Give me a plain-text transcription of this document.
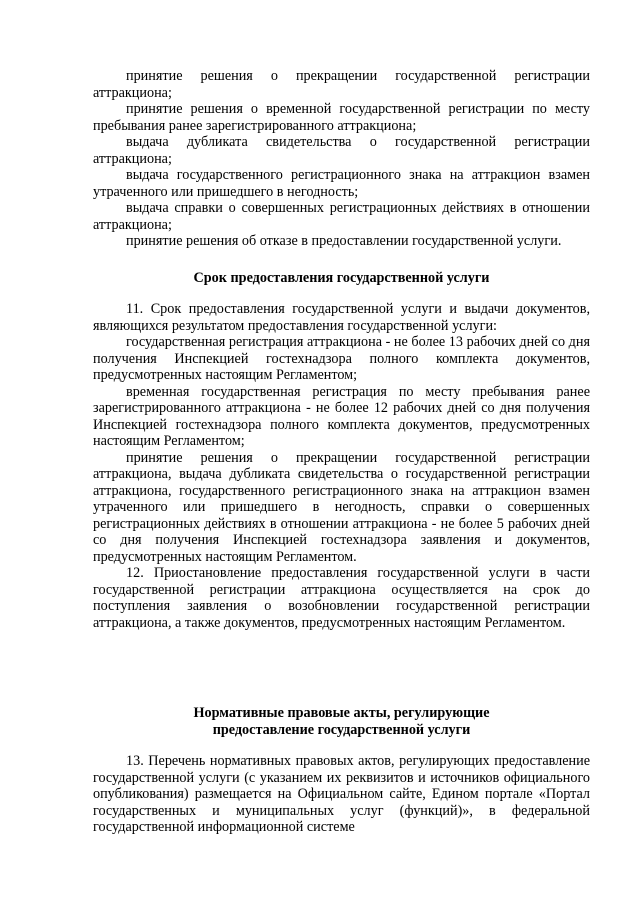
принятие решения о прекращении государственной регистрации аттракциона;

принятие решения о временной государственной регистрации по месту пребывания ранее зарегистрированного аттракциона;

выдача дубликата свидетельства о государственной регистрации аттракциона;

выдача государственного регистрационного знака на аттракцион взамен утраченного или пришедшего в негодность;

выдача справки о совершенных регистрационных действиях в отношении аттракциона;

принятие решения об отказе в предоставлении государственной услуги.

Срок предоставления государственной услуги

11. Срок предоставления государственной услуги и выдачи документов, являющихся результатом предоставления государственной услуги:

государственная регистрация аттракциона - не более 13 рабочих дней со дня получения Инспекцией гостехнадзора полного комплекта документов, предусмотренных настоящим Регламентом;

временная государственная регистрация по месту пребывания ранее зарегистрированного аттракциона - не более 12 рабочих дней со дня получения Инспекцией гостехнадзора полного комплекта документов, предусмотренных настоящим Регламентом;

принятие решения о прекращении государственной регистрации аттракциона, выдача дубликата свидетельства о государственной регистрации аттракциона, государственного регистрационного знака на аттракцион взамен утраченного или пришедшего в негодность, справки о совершенных регистрационных действиях в отношении аттракциона - не более 5 рабочих дней со дня получения Инспекцией гостехнадзора заявления и документов, предусмотренных настоящим Регламентом.

12. Приостановление предоставления государственной услуги в части государственной регистрации аттракциона осуществляется на срок до поступления заявления о возобновлении государственной регистрации аттракциона, а также документов, предусмотренных настоящим Регламентом.

Нормативные правовые акты, регулирующие

предоставление государственной услуги

13. Перечень нормативных правовых актов, регулирующих предоставление государственной услуги (с указанием их реквизитов и источников официального опубликования) размещается на Официальном сайте, Едином портале «Портал государственных и муниципальных услуг (функций)», в федеральной государственной информационной системе
